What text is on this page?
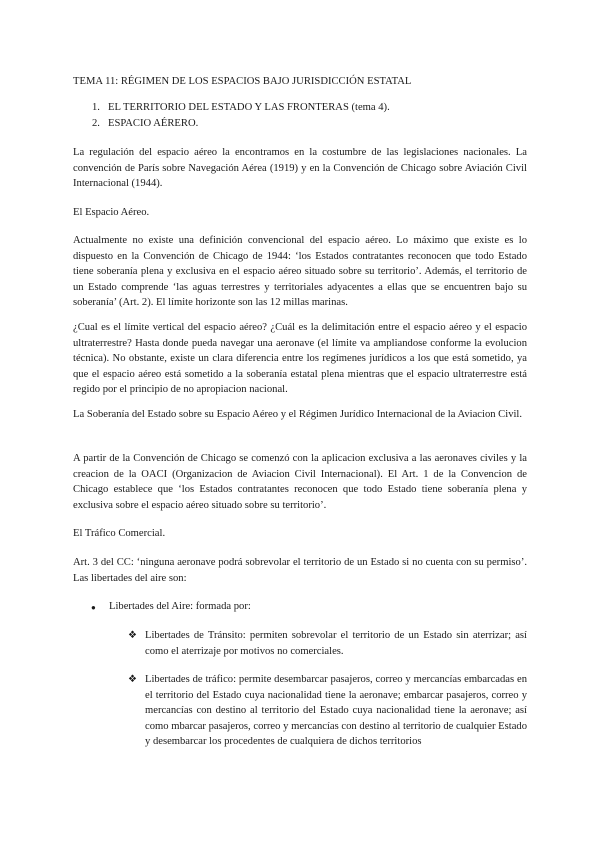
TEMA 11: RÉGIMEN DE LOS ESPACIOS BAJO JURISDICCIÓN ESTATAL
1. EL TERRITORIO DEL ESTADO Y LAS FRONTERAS (tema 4).
2. ESPACIO AÉRERO.
La regulación del espacio aéreo la encontramos en la costumbre de las legislaciones nacionales. La convención de París sobre Navegación Aérea (1919) y en la Convención de Chicago sobre Aviación Civil Internacional (1944).
El Espacio Aéreo.
Actualmente no existe una definición convencional del espacio aéreo. Lo máximo que existe es lo dispuesto en la Convención de Chicago de 1944: ‘los Estados contratantes reconocen que todo Estado tiene soberanía plena y exclusiva en el espacio aéreo situado sobre su territorio’. Además, el territorio de un Estado comprende ‘las aguas terrestres y territoriales adyacentes a ellas que se encuentren bajo su soberanía’ (Art. 2). El límite horizonte son las 12 millas marinas.
¿Cual es el límite vertical del espacio aéreo? ¿Cuál es la delimitación entre el espacio aéreo y el espacio ultraterrestre? Hasta donde pueda navegar una aeronave (el límite va ampliandose conforme la evolucion técnica). No obstante, existe un clara diferencia entre los regímenes jurídicos a los que está sometido, ya que el espacio aéreo está sometido a la soberanía estatal plena mientras que el espacio ultraterrestre está regido por el principio de no apropiacion nacional.
La Soberanía del Estado sobre su Espacio Aéreo y el Régimen Jurídico Internacional de la Aviacion Civil.
A partir de la Convención de Chicago se comenzó con la aplicacion exclusiva a las aeronaves civiles y la creacion de la OACI (Organizacion de Aviacion Civil Internacional). El Art. 1 de la Convencion de Chicago establece que ‘los Estados contratantes reconocen que todo Estado tiene soberanía plena y exclusiva sobre el espacio aéreo situado sobre su territorio’.
El Tráfico Comercial.
Art. 3 del CC: ‘ninguna aeronave podrá sobrevolar el territorio de un Estado si no cuenta con su permiso’. Las libertades del aire son:
● Libertades del Aire: formada por:
❖ Libertades de Tránsito: permiten sobrevolar el territorio de un Estado sin aterrizar; así como el aterrizaje por motivos no comerciales.
❖ Libertades de tráfico: permite desembarcar pasajeros, correo y mercancías embarcadas en el territorio del Estado cuya nacionalidad tiene la aeronave; embarcar pasajeros, correo y mercancías con destino al territorio del Estado cuya nacionalidad tiene la aeronave; así como mbarcar pasajeros, correo y mercancías con destino al territorio de cualquier Estado y desembarcar los procedentes de cualquiera de dichos territorios
